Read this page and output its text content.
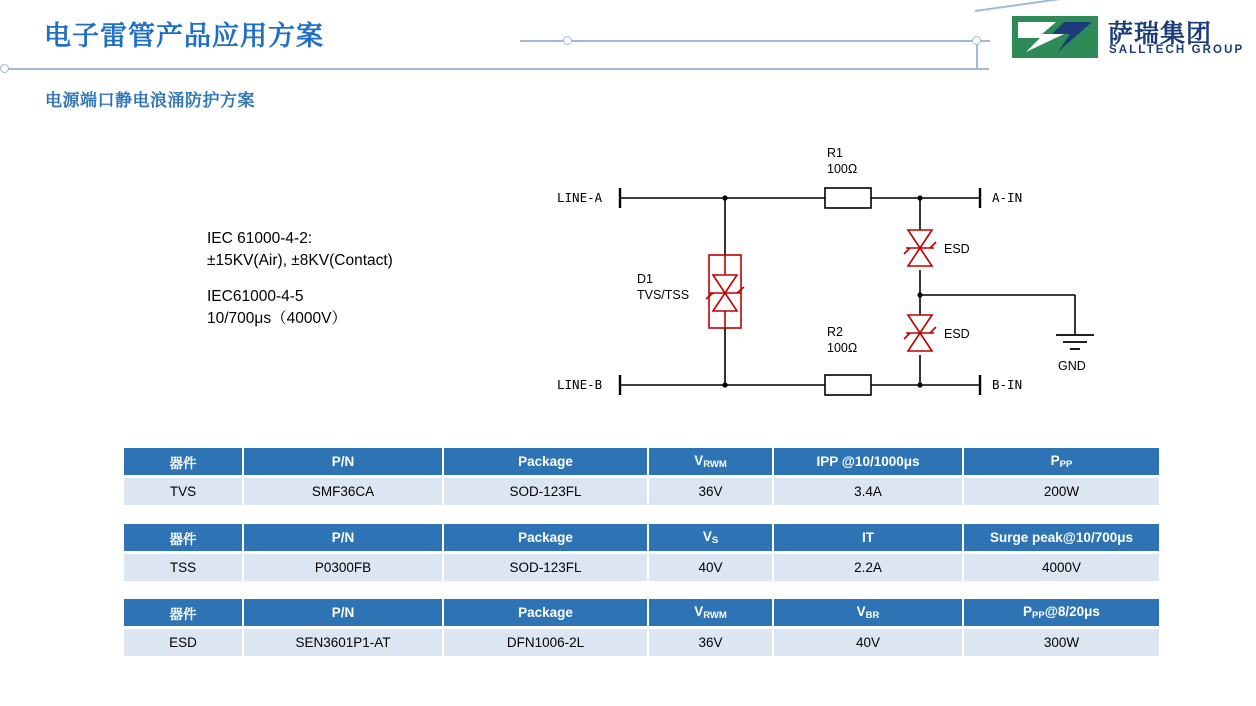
电子雷管产品应用方案	萨瑞集团
SALLTECH GROUP
电源端口静电浪涌防护方案
IEC 61000-4-2:
±15KV(Air), ±8KV(Contact)
IEC61000-4-5
10/700μs（4000V）
LINE-A
LINE-B
A-IN
B-IN
R1
100Ω
R2
100Ω
D1
TVS/TSS
ESD
ESD
GND
器件	P/N	Package	$V_{RWM}$	IPP @10/1000μs	$P_{PP}$
TVS	SMF36CA	SOD-123FL	36V	3.4A	200W
器件	P/N	Package	$V_S$	IT	Surge peak@10/700μs
TSS	P0300FB	SOD-123FL	40V	2.2A	4000V
器件	P/N	Package	$V_{RWM}$	$V_{BR}$	$P_{PP}@8/20\mu s$
ESD	SEN3601P1-AT	DFN1006-2L	36V	40V	300W
